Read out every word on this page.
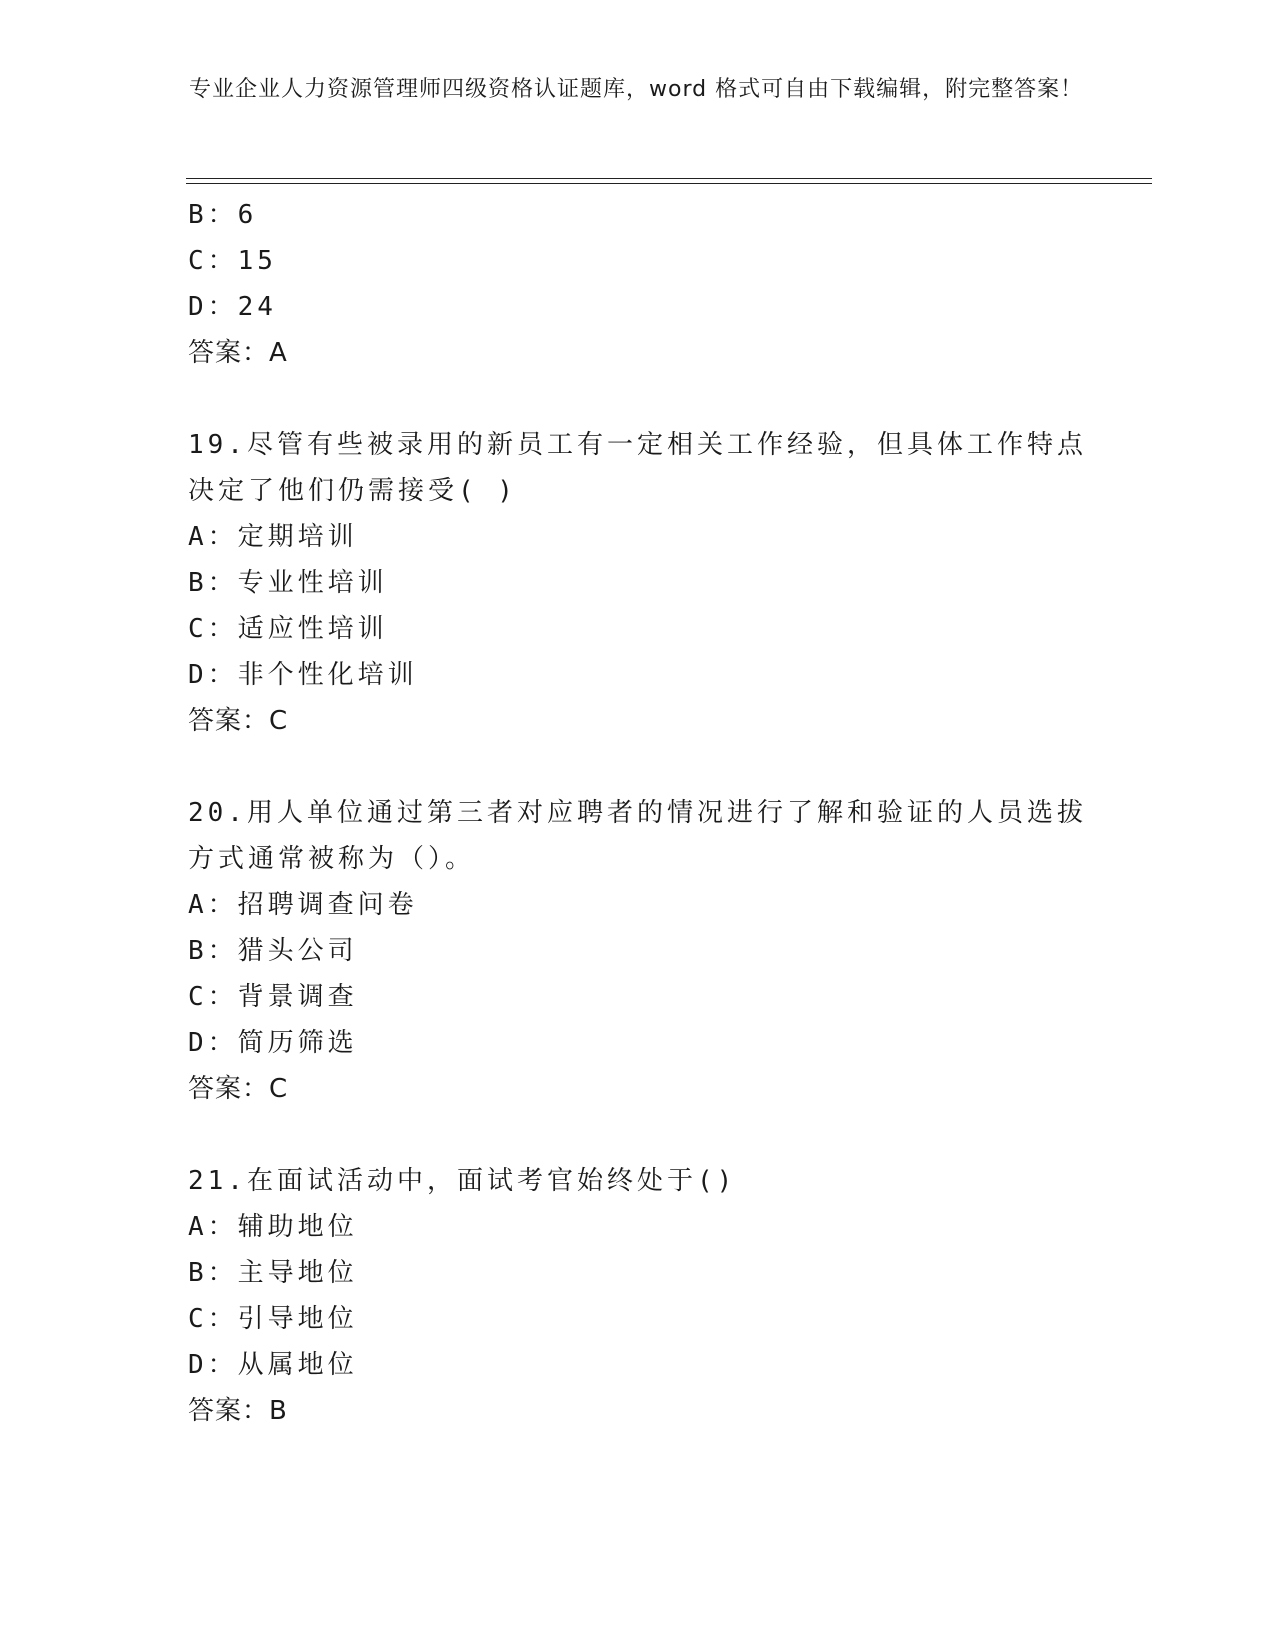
专业企业人力资源管理师四级资格认证题库，word 格式可自由下载编辑，附完整答案！
B：6
C：15
D：24
答案：A
19.尽管有些被录用的新员工有一定相关工作经验，但具体工作特点决定了他们仍需接受( )
A：定期培训
B：专业性培训
C：适应性培训
D：非个性化培训
答案：C
20.用人单位通过第三者对应聘者的情况进行了解和验证的人员选拔方式通常被称为（）。
A：招聘调查问卷
B：猎头公司
C：背景调查
D：简历筛选
答案：C
21.在面试活动中，面试考官始终处于()
A：辅助地位
B：主导地位
C：引导地位
D：从属地位
答案：B
